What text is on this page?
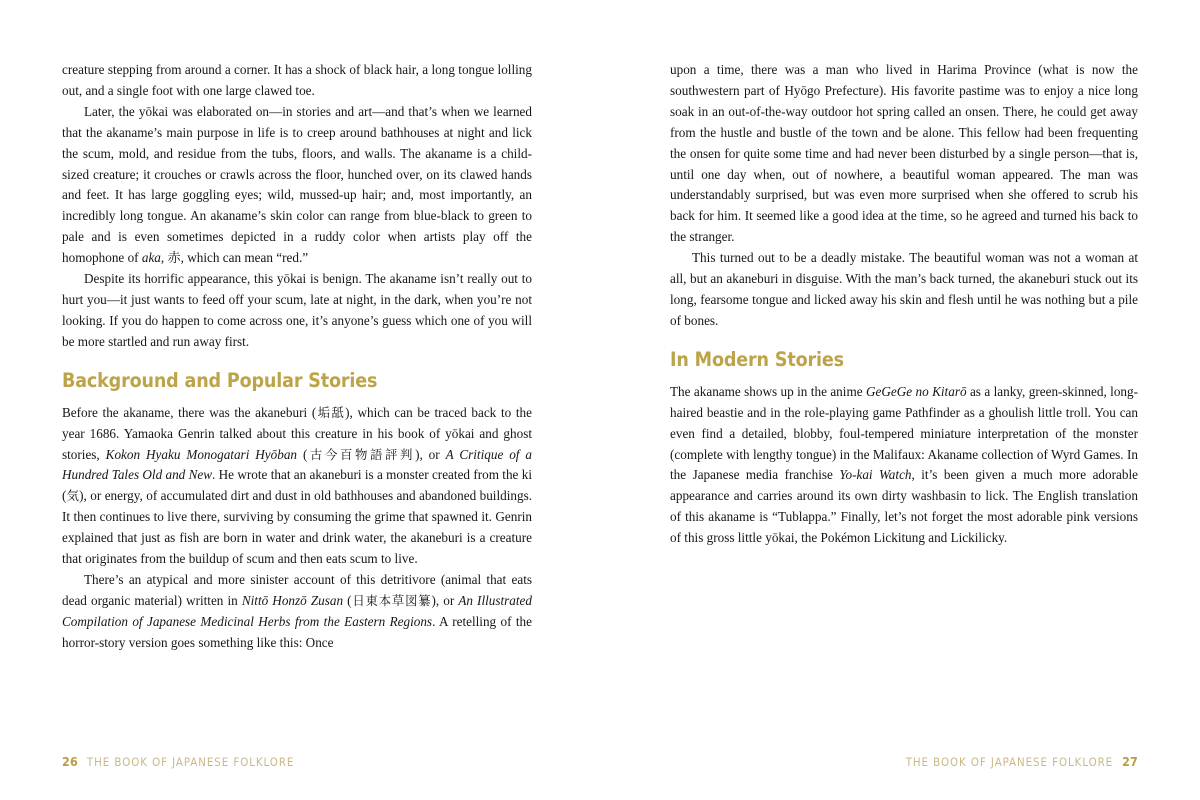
creature stepping from around a corner. It has a shock of black hair, a long tongue lolling out, and a single foot with one large clawed toe.

Later, the yōkai was elaborated on—in stories and art—and that’s when we learned that the akaname’s main purpose in life is to creep around bathhouses at night and lick the scum, mold, and residue from the tubs, floors, and walls. The akaname is a child-sized creature; it crouches or crawls across the floor, hunched over, on its clawed hands and feet. It has large goggling eyes; wild, mussed-up hair; and, most importantly, an incredibly long tongue. An akaname’s skin color can range from blue-black to green to pale and is even sometimes depicted in a ruddy color when artists play off the homophone of aka, 赤, which can mean “red.”

Despite its horrific appearance, this yōkai is benign. The akaname isn’t really out to hurt you—it just wants to feed off your scum, late at night, in the dark, when you’re not looking. If you do happen to come across one, it’s anyone’s guess which one of you will be more startled and run away first.

Background and Popular Stories

Before the akaname, there was the akaneburi (垢舐), which can be traced back to the year 1686. Yamaoka Genrin talked about this creature in his book of yōkai and ghost stories, Kokon Hyaku Monogatari Hyōban (古今百物語評判), or A Critique of a Hundred Tales Old and New. He wrote that an akaneburi is a monster created from the ki (気), or energy, of accumulated dirt and dust in old bathhouses and abandoned buildings. It then continues to live there, surviving by consuming the grime that spawned it. Genrin explained that just as fish are born in water and drink water, the akaneburi is a creature that originates from the buildup of scum and then eats scum to live.

There’s an atypical and more sinister account of this detritivore (animal that eats dead organic material) written in Nittō Honzō Zusan (日東本草図纂), or An Illustrated Compilation of Japanese Medicinal Herbs from the Eastern Regions. A retelling of the horror-story version goes something like this: Once

26 THE BOOK OF JAPANESE FOLKLORE

upon a time, there was a man who lived in Harima Province (what is now the southwestern part of Hyōgo Prefecture). His favorite pastime was to enjoy a nice long soak in an out-of-the-way outdoor hot spring called an onsen. There, he could get away from the hustle and bustle of the town and be alone. This fellow had been frequenting the onsen for quite some time and had never been disturbed by a single person—that is, until one day when, out of nowhere, a beautiful woman appeared. The man was understandably surprised, but was even more surprised when she offered to scrub his back for him. It seemed like a good idea at the time, so he agreed and turned his back to the stranger.

This turned out to be a deadly mistake. The beautiful woman was not a woman at all, but an akaneburi in disguise. With the man’s back turned, the akaneburi stuck out its long, fearsome tongue and licked away his skin and flesh until he was nothing but a pile of bones.

In Modern Stories

The akaname shows up in the anime GeGeGe no Kitarō as a lanky, green-skinned, long-haired beastie and in the role-playing game Pathfinder as a ghoulish little troll. You can even find a detailed, blobby, foul-tempered miniature interpretation of the monster (complete with lengthy tongue) in the Malifaux: Akaname collection of Wyrd Games. In the Japanese media franchise Yo-kai Watch, it’s been given a much more adorable appearance and carries around its own dirty washbasin to lick. The English translation of this akaname is “Tublappa.” Finally, let’s not forget the most adorable pink versions of this gross little yōkai, the Pokémon Lickitung and Lickilicky.

THE BOOK OF JAPANESE FOLKLORE 27
